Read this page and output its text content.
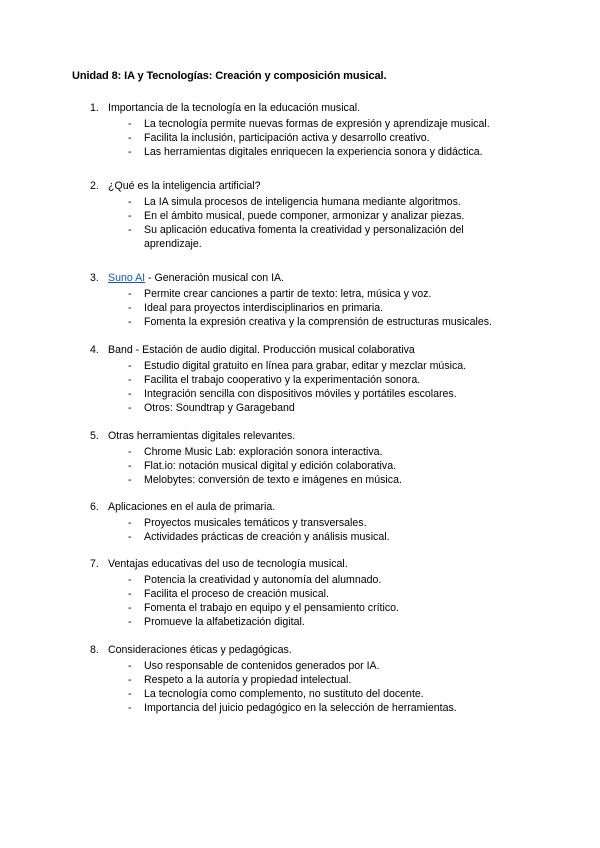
Unidad 8: IA y Tecnologías: Creación y composición musical.
1. Importancia de la tecnología en la educación musical.
- La tecnología permite nuevas formas de expresión y aprendizaje musical.
- Facilita la inclusión, participación activa y desarrollo creativo.
- Las herramientas digitales enriquecen la experiencia sonora y didáctica.
2. ¿Qué es la inteligencia artificial?
- La IA simula procesos de inteligencia humana mediante algoritmos.
- En el ámbito musical, puede componer, armonizar y analizar piezas.
- Su aplicación educativa fomenta la creatividad y personalización del aprendizaje.
3. Suno AI - Generación musical con IA.
- Permite crear canciones a partir de texto: letra, música y voz.
- Ideal para proyectos interdisciplinarios en primaria.
- Fomenta la expresión creativa y la comprensión de estructuras musicales.
4. Band - Estación de audio digital. Producción musical colaborativa
- Estudio digital gratuito en línea para grabar, editar y mezclar música.
- Facilita el trabajo cooperativo y la experimentación sonora.
- Integración sencilla con dispositivos móviles y portátiles escolares.
- Otros: Soundtrap y Garageband
5. Otras herramientas digitales relevantes.
- Chrome Music Lab: exploración sonora interactiva.
- Flat.io: notación musical digital y edición colaborativa.
- Melobytes: conversión de texto e imágenes en música.
6. Aplicaciones en el aula de primaria.
- Proyectos musicales temáticos y transversales.
- Actividades prácticas de creación y análisis musical.
7. Ventajas educativas del uso de tecnología musical.
- Potencia la creatividad y autonomía del alumnado.
- Facilita el proceso de creación musical.
- Fomenta el trabajo en equipo y el pensamiento crítico.
- Promueve la alfabetización digital.
8. Consideraciones éticas y pedagógicas.
- Uso responsable de contenidos generados por IA.
- Respeto a la autoría y propiedad intelectual.
- La tecnología como complemento, no sustituto del docente.
- Importancia del juicio pedagógico en la selección de herramientas.
